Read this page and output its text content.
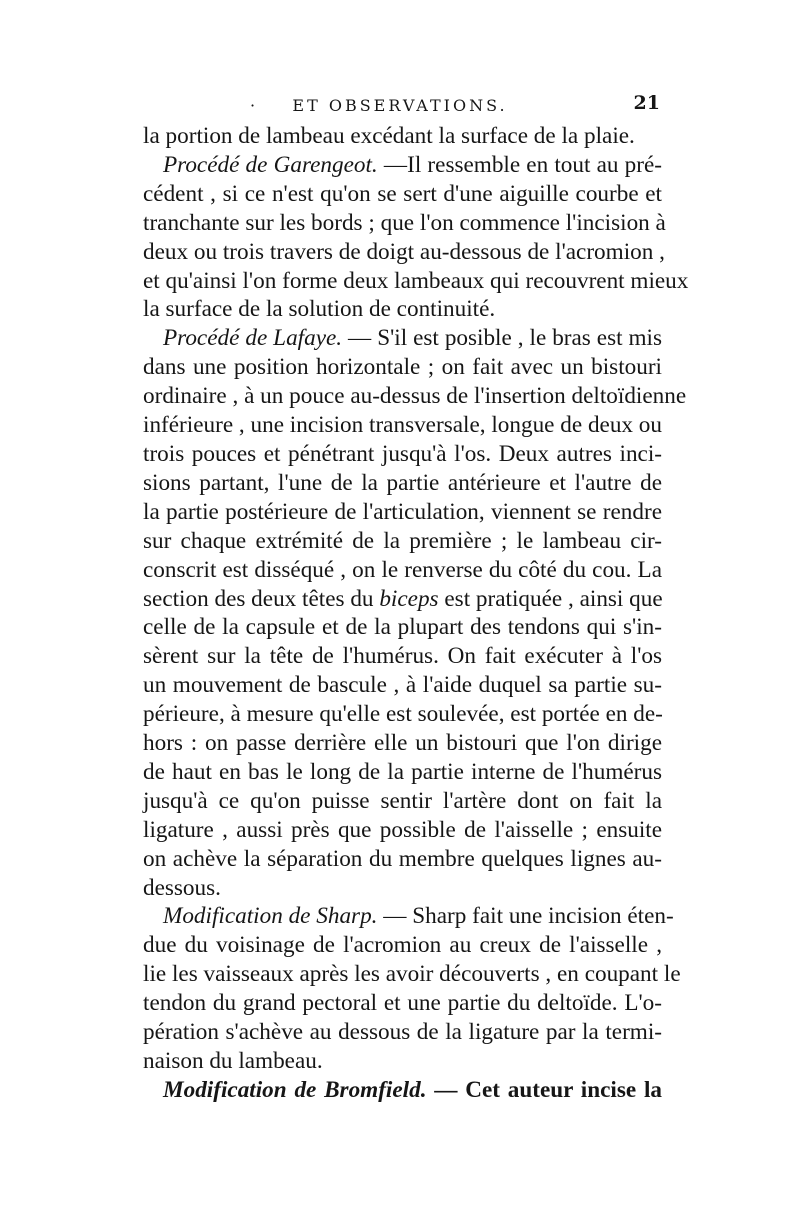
·	ET OBSERVATIONS.	21
la portion de lambeau excédant la surface de la plaie.
Procédé de Garengeot. —Il ressemble en tout au pré-
cédent , si ce n'est qu'on se sert d'une aiguille courbe et
tranchante sur les bords ; que l'on commence l'incision à
deux ou trois travers de doigt au-dessous de l'acromion ,
et qu'ainsi l'on forme deux lambeaux qui recouvrent mieux
la surface de la solution de continuité.
Procédé de Lafaye. — S'il est posible , le bras est mis
dans une position horizontale ; on fait avec un bistouri
ordinaire , à un pouce au-dessus de l'insertion deltoïdienne
inférieure , une incision transversale, longue de deux ou
trois pouces et pénétrant jusqu'à l'os. Deux autres inci-
sions partant, l'une de la partie antérieure et l'autre de
la partie postérieure de l'articulation, viennent se rendre
sur chaque extrémité de la première ; le lambeau cir-
conscrit est disséqué , on le renverse du côté du cou. La
section des deux têtes du biceps est pratiquée , ainsi que
celle de la capsule et de la plupart des tendons qui s'in-
sèrent sur la tête de l'humérus. On fait exécuter à l'os
un mouvement de bascule , à l'aide duquel sa partie su-
périeure, à mesure qu'elle est soulevée, est portée en de-
hors : on passe derrière elle un bistouri que l'on dirige
de haut en bas le long de la partie interne de l'humérus
jusqu'à ce qu'on puisse sentir l'artère dont on fait la
ligature , aussi près que possible de l'aisselle ; ensuite
on achève la séparation du membre quelques lignes au-
dessous.
Modification de Sharp. — Sharp fait une incision éten-
due du voisinage de l'acromion au creux de l'aisselle ,
lie les vaisseaux après les avoir découverts , en coupant le
tendon du grand pectoral et une partie du deltoïde. L'o-
pération s'achève au dessous de la ligature par la termi-
naison du lambeau.
Modification de Bromfield. — Cet auteur incise la
